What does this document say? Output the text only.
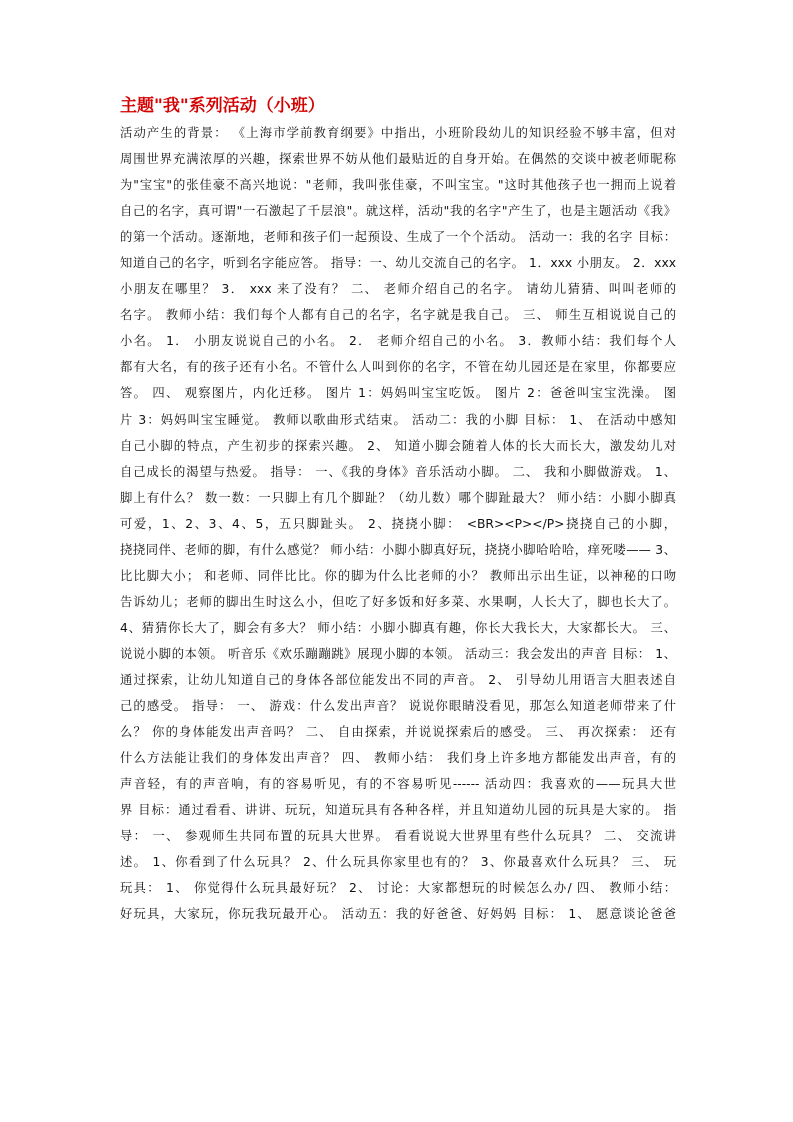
主题"我"系列活动（小班）
活动产生的背景： 《上海市学前教育纲要》中指出，小班阶段幼儿的知识经验不够丰富，但对
周围世界充满浓厚的兴趣，探索世界不妨从他们最贴近的自身开始。在偶然的交谈中被老师昵称
为"宝宝"的张佳豪不高兴地说："老师，我叫张佳豪，不叫宝宝。"这时其他孩子也一拥而上说着
自己的名字，真可谓"一石激起了千层浪"。就这样，活动"我的名字"产生了，也是主题活动《我》
的第一个活动。逐渐地，老师和孩子们一起预设、生成了一个个活动。 活动一：我的名字 目标：
知道自己的名字，听到名字能应答。 指导：一、幼儿交流自己的名字。 1．xxx 小朋友。 2．xxx
小朋友在哪里？ 3． xxx 来了没有？ 二、 老师介绍自己的名字。 请幼儿猜猜、叫叫老师的
名字。 教师小结：我们每个人都有自己的名字，名字就是我自己。 三、 师生互相说说自己的
小名。 1． 小朋友说说自己的小名。 2． 老师介绍自己的小名。 3．教师小结：我们每个人
都有大名，有的孩子还有小名。不管什么人叫到你的名字，不管在幼儿园还是在家里，你都要应
答。 四、 观察图片，内化迁移。 图片 1：妈妈叫宝宝吃饭。 图片 2：爸爸叫宝宝洗澡。 图
片 3：妈妈叫宝宝睡觉。 教师以歌曲形式结束。 活动二：我的小脚 目标： 1、 在活动中感知
自己小脚的特点，产生初步的探索兴趣。 2、 知道小脚会随着人体的长大而长大，激发幼儿对
自己成长的渴望与热爱。 指导： 一、《我的身体》音乐活动小脚。 二、 我和小脚做游戏。 1、
脚上有什么？ 数一数：一只脚上有几个脚趾？（幼儿数）哪个脚趾最大？ 师小结：小脚小脚真
可爱，1、2、3、4、5，五只脚趾头。 2、挠挠小脚： <BR><P></P>挠挠自己的小脚，
挠挠同伴、老师的脚，有什么感觉？ 师小结：小脚小脚真好玩，挠挠小脚哈哈哈，痒死喽—— 3、
比比脚大小； 和老师、同伴比比。你的脚为什么比老师的小？ 教师出示出生证，以神秘的口吻
告诉幼儿；老师的脚出生时这么小，但吃了好多饭和好多菜、水果啊，人长大了，脚也长大了。
4、猜猜你长大了，脚会有多大？ 师小结：小脚小脚真有趣，你长大我长大，大家都长大。 三、
说说小脚的本领。 听音乐《欢乐蹦蹦跳》展现小脚的本领。 活动三：我会发出的声音 目标： 1、
通过探索，让幼儿知道自己的身体各部位能发出不同的声音。 2、 引导幼儿用语言大胆表述自
己的感受。 指导： 一、 游戏：什么发出声音？ 说说你眼睛没看见，那怎么知道老师带来了什
么？ 你的身体能发出声音吗？ 二、 自由探索，并说说探索后的感受。 三、 再次探索： 还有
什么方法能让我们的身体发出声音？ 四、 教师小结： 我们身上许多地方都能发出声音，有的
声音轻，有的声音响，有的容易听见，有的不容易听见------ 活动四：我喜欢的——玩具大世
界 目标：通过看看、讲讲、玩玩，知道玩具有各种各样，并且知道幼儿园的玩具是大家的。 指
导： 一、 参观师生共同布置的玩具大世界。 看看说说大世界里有些什么玩具？ 二、 交流讲
述。 1、你看到了什么玩具？ 2、什么玩具你家里也有的？ 3、你最喜欢什么玩具？ 三、 玩
玩具： 1、 你觉得什么玩具最好玩？ 2、 讨论：大家都想玩的时候怎么办/ 四、 教师小结：
好玩具，大家玩，你玩我玩最开心。 活动五：我的好爸爸、好妈妈 目标： 1、 愿意谈论爸爸
